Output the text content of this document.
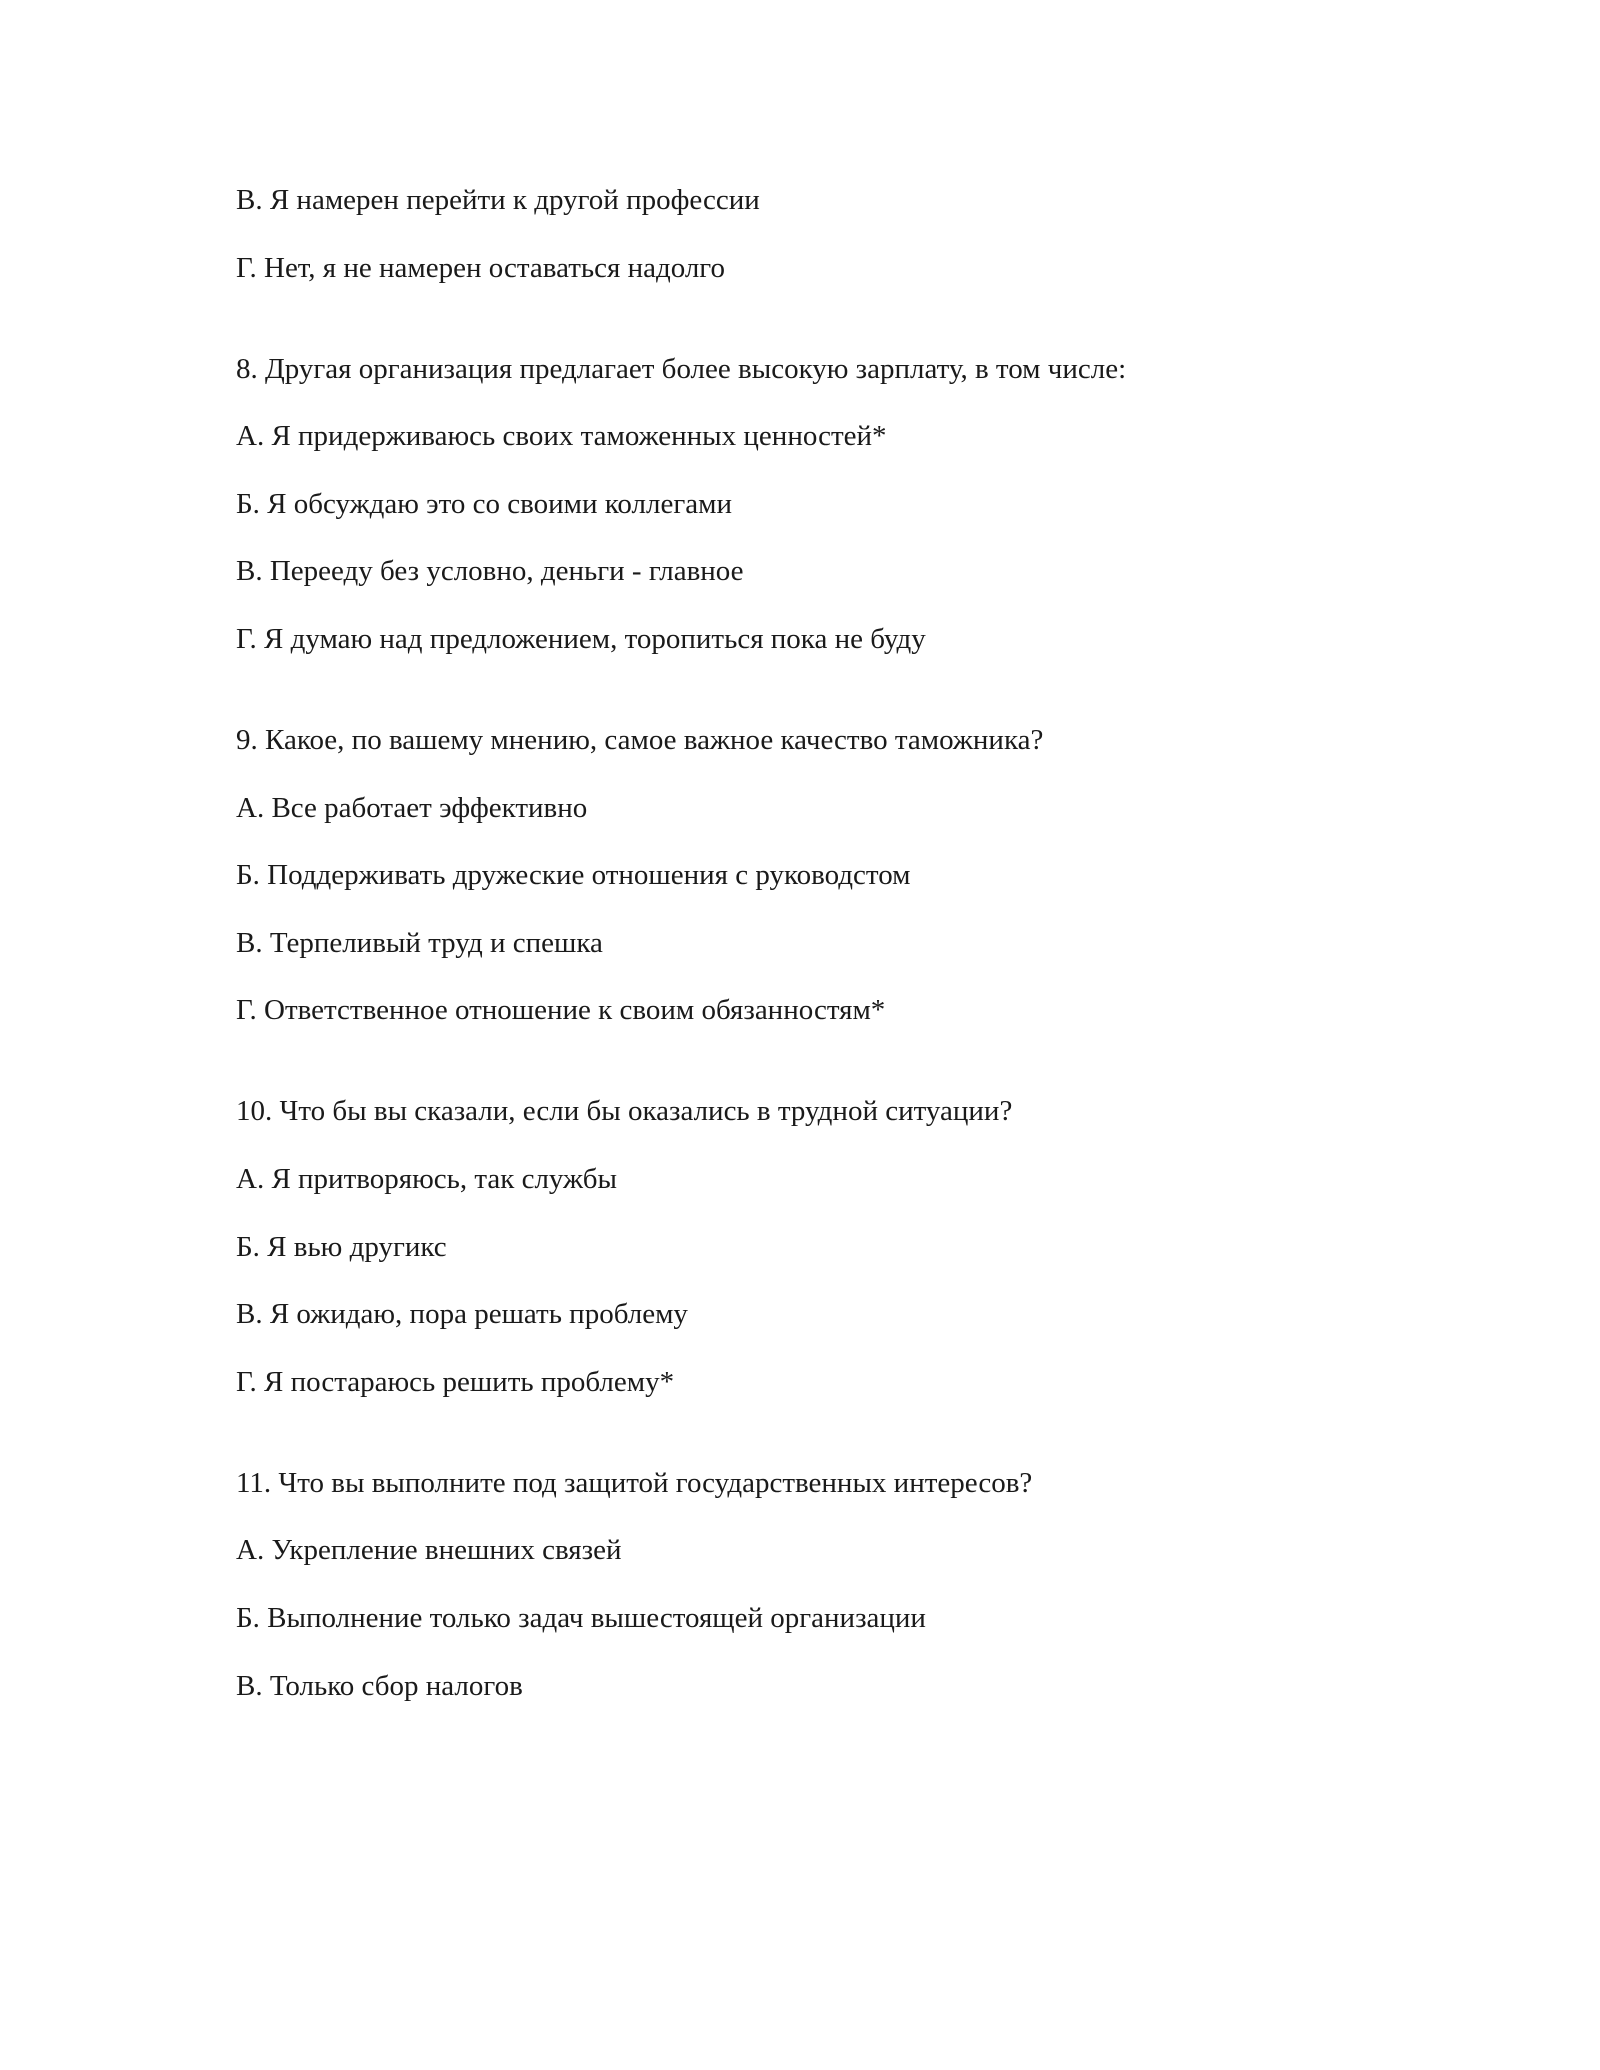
В. Я намерен перейти к другой профессии
Г. Нет, я не намерен оставаться надолго
8. Другая организация предлагает более высокую зарплату, в том числе:
А. Я придерживаюсь своих таможенных ценностей*
Б. Я обсуждаю это со своими коллегами
В. Перееду без условно, деньги - главное
Г. Я думаю над предложением, торопиться пока не буду
9. Какое, по вашему мнению, самое важное качество таможника?
А. Все работает эффективно
Б. Поддерживать дружеские отношения с руководстом
В. Терпеливый труд и спешка
Г. Ответственное отношение к своим обязанностям*
10. Что бы вы сказали, если бы оказались в трудной ситуации?
А. Я притворяюсь, так службы
Б. Я вью другикс
В. Я ожидаю, пора решать проблему
Г. Я постараюсь решить проблему*
11. Что вы выполните под защитой государственных интересов?
А. Укрепление внешних связей
Б. Выполнение только задач вышестоящей организации
В. Только сбор налогов
